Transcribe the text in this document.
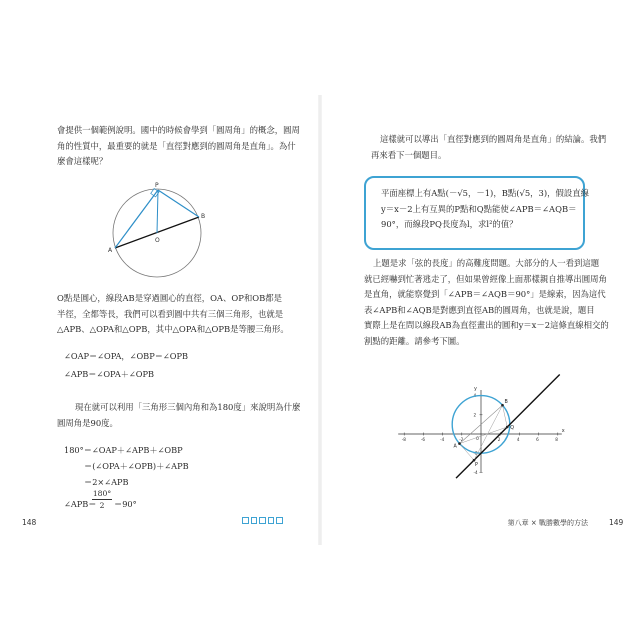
會提供一個範例說明。國中的時候會學到「圓周角」的概念，圓周
角的性質中，最重要的就是「直徑對應到的圓周角是直角」。為什
麼會這樣呢？

P
A
B
O

O點是圓心，線段AB是穿過圓心的直徑，OA、OP和OB都是
半徑，全都等長，我們可以看到圓中共有三個三角形，也就是
△APB、△OPA和△OPB，其中△OPA和△OPB是等腰三角形。

∠OAP＝∠OPA，∠OBP＝∠OPB
∠APB＝∠OPA＋∠OPB

現在就可以利用「三角形三個內角和為180度」來說明為什麼
圓周角是90度。

180°＝∠OAP＋∠APB＋∠OBP
＝(∠OPA＋∠OPB)＋∠APB
＝2×∠APB
∠APB＝
180°
2	＝90°
148

這樣就可以導出「直徑對應到的圓周角是直角」的結論。我們
再來看下一個題目。

平面座標上有A點(－√5，－1)，B點(√5，3)，假設直線
y＝x－2上有互異的P點和Q點能使∠APB＝∠AQB＝
90°，而線段PQ長度為l，求l²的值？

上題是求「弦的長度」的高難度問題。大部分的人一看到這題
就已經嚇到忙著逃走了，但如果曾經像上面那樣親自推導出圓周角
是直角，就能察覺到「∠APB＝∠AQB＝90°」是線索，因為這代
表∠APB和∠AQB是對應到直徑AB的圓周角，也就是說，題目
實際上是在問以線段AB為直徑畫出的圓和y＝x－2這條直線相交的
割點的距離。請參考下圖。

x
y
0
-8	-6	-4	-2	2	4	6	8
-4
-2
2
4
A
B
P
Q
149
第八章 × 戰勝數學的方法
